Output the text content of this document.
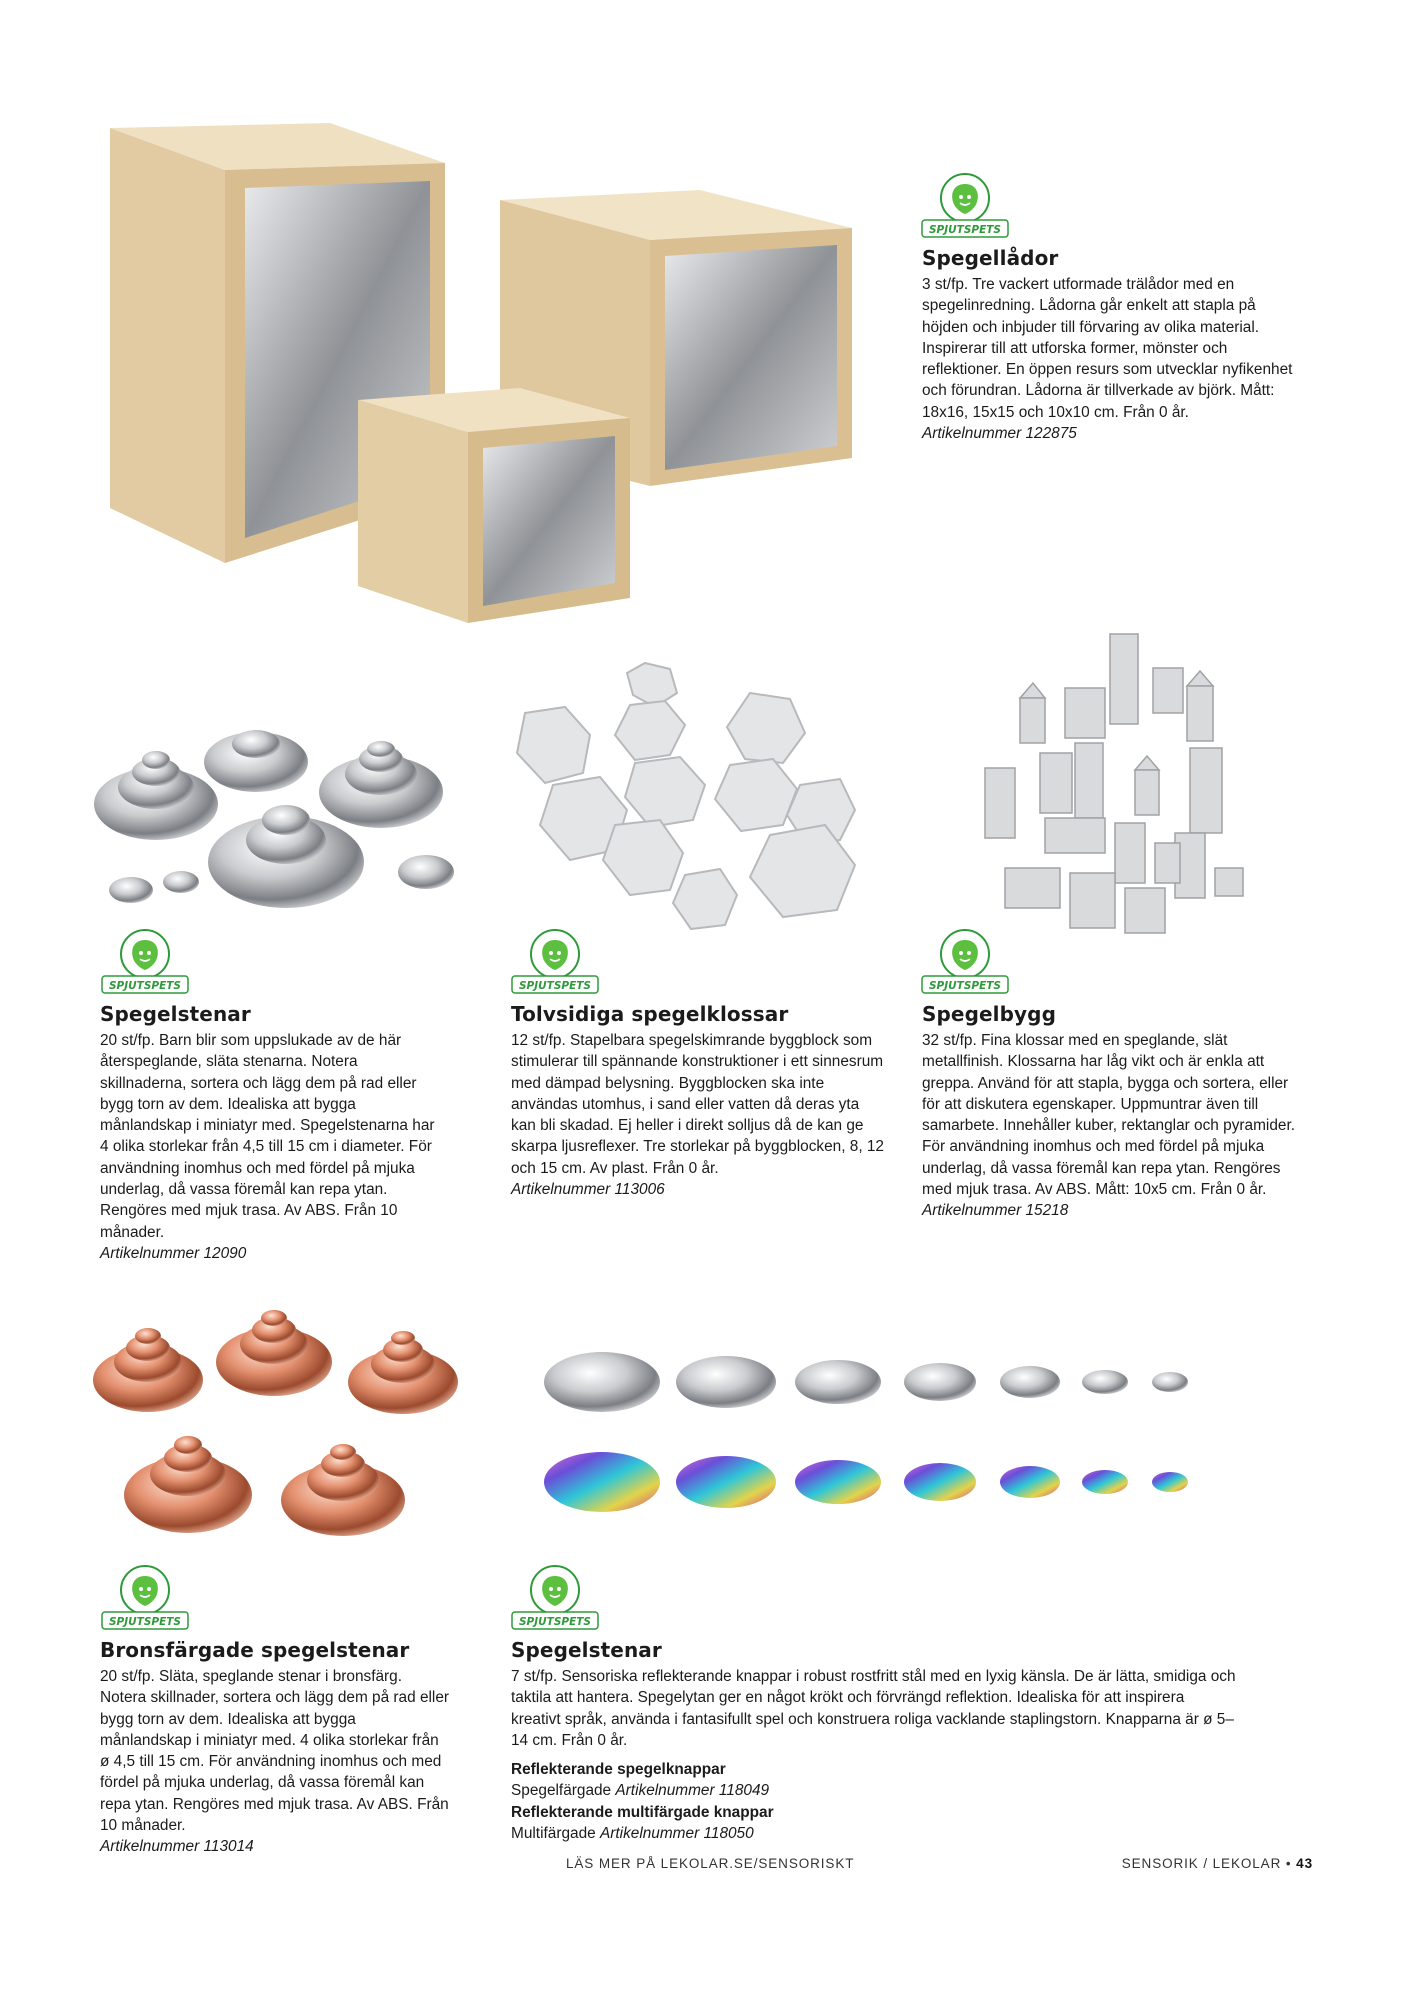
SPJUTSPETS
Spegellådor

3 st/fp. Tre vackert utformade trälådor med en spegelinredning. Lådorna går enkelt att stapla på höjden och inbjuder till förvaring av olika material. Inspirerar till att utforska former, mönster och reflektioner. En öppen resurs som utvecklar nyfikenhet och förundran. Lådorna är tillverkade av björk. Mått: 18x16, 15x15 och 10x10 cm. Från 0 år.

Artikelnummer 122875
SPJUTSPETS	SPJUTSPETS	SPJUTSPETS
Spegelstenar

20 st/fp. Barn blir som uppslukade av de här återspeglande, släta stenarna. Notera skillnaderna, sortera och lägg dem på rad eller bygg torn av dem. Idealiska att bygga månlandskap i miniatyr med. Spegelstenarna har 4 olika storlekar från 4,5 till 15 cm i diameter. För användning inomhus och med fördel på mjuka underlag, då vassa föremål kan repa ytan. Rengöres med mjuk trasa. Av ABS. Från 10 månader.

Artikelnummer 12090
Tolvsidiga spegelklossar

12 st/fp. Stapelbara spegelskimrande byggblock som stimulerar till spännande konstruktioner i ett sinnesrum med dämpad belysning. Byggblocken ska inte användas utomhus, i sand eller vatten då deras yta kan bli skadad. Ej heller i direkt solljus då de kan ge skarpa ljusreflexer. Tre storlekar på byggblocken, 8, 12 och 15 cm. Av plast. Från 0 år.

Artikelnummer 113006
Spegelbygg

32 st/fp. Fina klossar med en speglande, slät metallfinish. Klossarna har låg vikt och är enkla att greppa. Använd för att stapla, bygga och sortera, eller för att diskutera egenskaper. Uppmuntrar även till samarbete. Innehåller kuber, rektanglar och pyramider. För användning inomhus och med fördel på mjuka underlag, då vassa föremål kan repa ytan. Rengöres med mjuk trasa. Av ABS. Mått: 10x5 cm. Från 0 år.

Artikelnummer 15218
SPJUTSPETS	SPJUTSPETS
Bronsfärgade spegelstenar

20 st/fp. Släta, speglande stenar i bronsfärg. Notera skillnader, sortera och lägg dem på rad eller bygg torn av dem. Idealiska att bygga månlandskap i miniatyr med. 4 olika storlekar från ø 4,5 till 15 cm. För användning inomhus och med fördel på mjuka underlag, då vassa föremål kan repa ytan. Rengöres med mjuk trasa. Av ABS. Från 10 månader.

Artikelnummer 113014
Spegelstenar

7 st/fp. Sensoriska reflekterande knappar i robust rostfritt stål med en lyxig känsla. De är lätta, smidiga och taktila att hantera. Spegelytan ger en något krökt och förvrängd reflektion. Idealiska för att inspirera kreativt språk, använda i fantasifullt spel och konstruera roliga vacklande staplingstorn. Knapparna är ø 5–14 cm. Från 0 år.

Reflekterande spegelknappar
Spegelfärgade Artikelnummer 118049
Reflekterande multifärgade knappar
Multifärgade Artikelnummer 118050
LÄS MER PÅ LEKOLAR.SE/SENSORISKT	SENSORIK / LEKOLAR • 43
